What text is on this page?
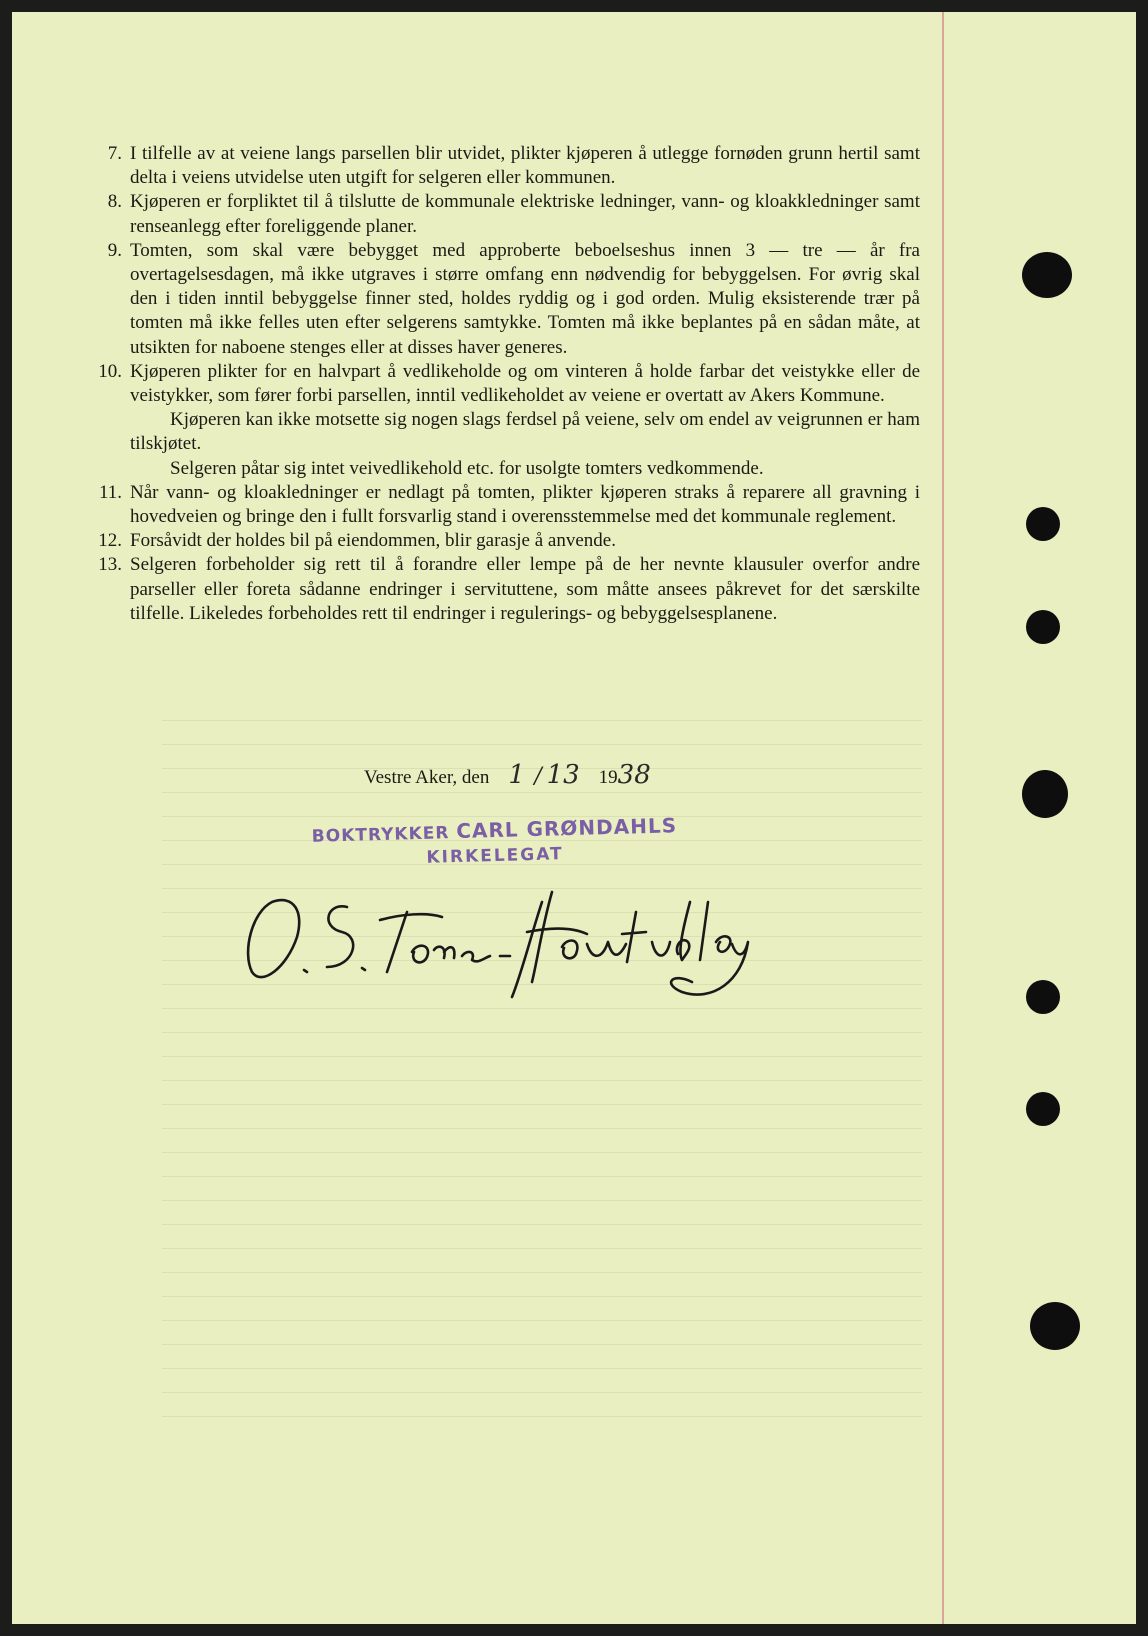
7. I tilfelle av at veiene langs parsellen blir utvidet, plikter kjøperen å utlegge fornøden grunn hertil samt delta i veiens utvidelse uten utgift for selgeren eller kommunen.
8. Kjøperen er forpliktet til å tilslutte de kommunale elektriske ledninger, vann- og kloakkledninger samt renseanlegg efter foreliggende planer.
9. Tomten, som skal være bebygget med approberte beboelseshus innen 3 — tre — år fra overtagelsesdagen, må ikke utgraves i større omfang enn nødvendig for bebyggelsen. For øvrig skal den i tiden inntil bebyggelse finner sted, holdes ryddig og i god orden. Mulig eksisterende trær på tomten må ikke felles uten efter selgerens samtykke. Tomten må ikke beplantes på en sådan måte, at utsikten for naboene stenges eller at disses haver generes.
10. Kjøperen plikter for en halvpart å vedlikeholde og om vinteren å holde farbar det veistykke eller de veistykker, som fører forbi parsellen, inntil vedlikeholdet av veiene er overtatt av Akers Kommune.
Kjøperen kan ikke motsette sig nogen slags ferdsel på veiene, selv om endel av veigrunnen er ham tilskjøtet.
Selgeren påtar sig intet veivedlikehold etc. for usolgte tomters vedkommende.
11. Når vann- og kloakledninger er nedlagt på tomten, plikter kjøperen straks å reparere all gravning i hovedveien og bringe den i fullt forsvarlig stand i overensstemmelse med det kommunale reglement.
12. Forsåvidt der holdes bil på eiendommen, blir garasje å anvende.
13. Selgeren forbeholder sig rett til å forandre eller lempe på de her nevnte klausuler overfor andre parseller eller foreta sådanne endringer i servituttene, som måtte ansees påkrevet for det særskilte tilfelle. Likeledes forbeholdes rett til endringer i regulerings- og bebyggelsesplanene.
Vestre Aker, den 1 / 13 1938
BOKTRYKKER CARL GRØNDAHLS
KIRKELEGAT
